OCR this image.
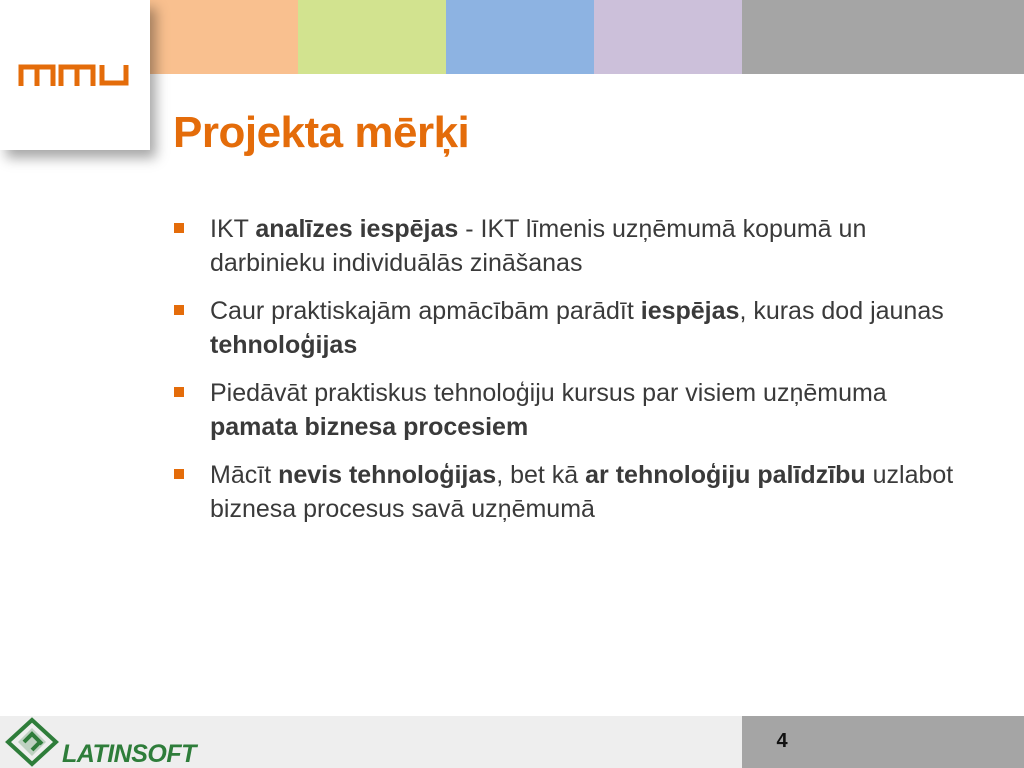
Projekta mērķi
IKT analīzes iespējas - IKT līmenis uzņēmumā kopumā un darbinieku individuālās zināšanas
Caur praktiskajām apmācībām parādīt iespējas, kuras dod jaunas tehnoloģijas
Piedāvāt praktiskus tehnoloģiju kursus par visiem uzņēmuma pamata biznesa procesiem
Mācīt nevis tehnoloģijas, bet kā ar tehnoloģiju palīdzību uzlabot biznesa procesus savā uzņēmumā
4
LATINSOFT
